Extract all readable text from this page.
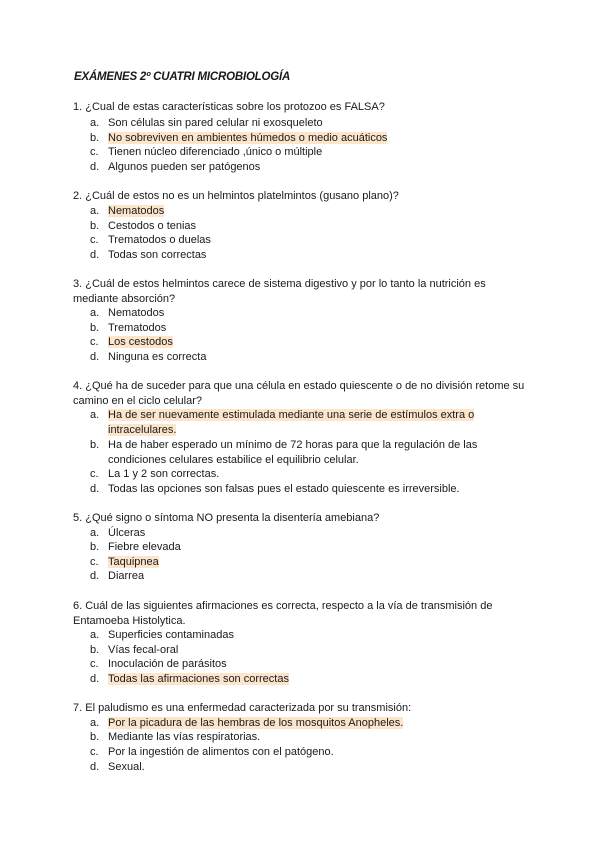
EXÁMENES 2º CUATRI MICROBIOLOGÍA
1. ¿Cual de estas características sobre los protozoo es FALSA?
a. Son células sin pared celular ni exosqueleto
b. No sobreviven en ambientes húmedos o medio acuáticos
c. Tienen núcleo diferenciado ,único o múltiple
d. Algunos pueden ser patógenos
2. ¿Cuál de estos no es un helmintos platelmintos (gusano plano)?
a. Nematodos
b. Cestodos o tenias
c. Trematodos o duelas
d. Todas son correctas
3. ¿Cuál de estos helmintos carece de sistema digestivo y por lo tanto la nutrición es mediante absorción?
a. Nematodos
b. Trematodos
c. Los cestodos
d. Ninguna es correcta
4. ¿Qué ha de suceder para que una célula en estado quiescente o de no división retome su camino en el ciclo celular?
a. Ha de ser nuevamente estimulada mediante una serie de estímulos extra o intracelulares.
b. Ha de haber esperado un mínimo de 72 horas para que la regulación de las condiciones celulares estabilice el equilibrio celular.
c. La 1 y 2 son correctas.
d. Todas las opciones son falsas pues el estado quiescente es irreversible.
5. ¿Qué signo o síntoma NO presenta la disentería amebiana?
a. Úlceras
b. Fiebre elevada
c. Taquipnea
d. Diarrea
6. Cuál de las siguientes afirmaciones es correcta, respecto a la vía de transmisión de Entamoeba Histolytica.
a. Superficies contaminadas
b. Vías fecal-oral
c. Inoculación de parásitos
d. Todas las afirmaciones son correctas
7. El paludismo es una enfermedad caracterizada por su transmisión:
a. Por la picadura de las hembras de los mosquitos Anopheles.
b. Mediante las vías respiratorias.
c. Por la ingestión de alimentos con el patógeno.
d. Sexual.
